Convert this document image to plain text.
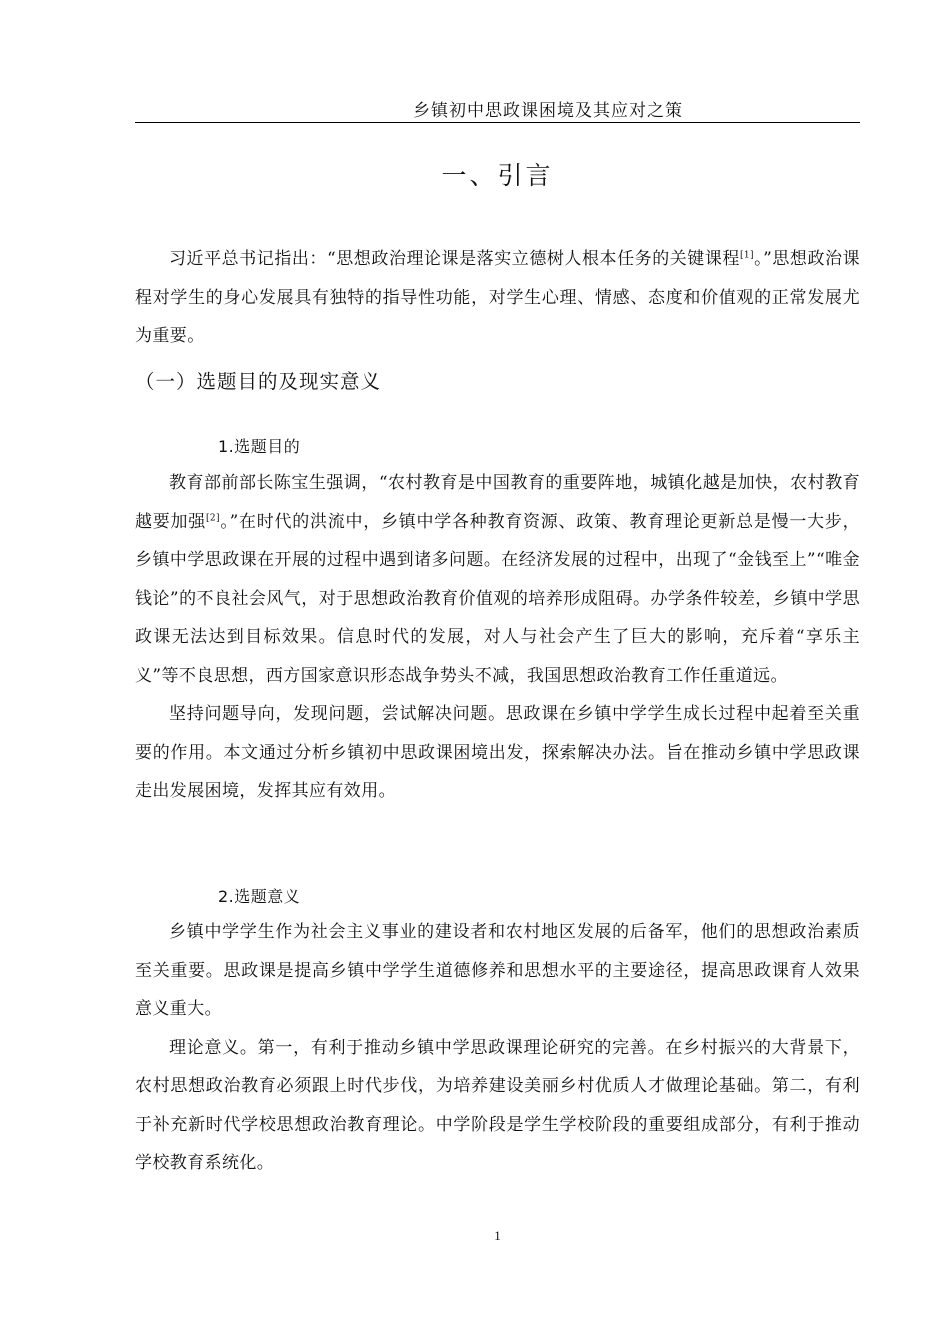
乡镇初中思政课困境及其应对之策
一、引言

习近平总书记指出：“思想政治理论课是落实立德树人根本任务的关键课程[1]。”思想政治课程对学生的身心发展具有独特的指导性功能，对学生心理、情感、态度和价值观的正常发展尤为重要。

（一）选题目的及现实意义
1.选题目的

教育部前部长陈宝生强调，“农村教育是中国教育的重要阵地，城镇化越是加快，农村教育越要加强[2]。”在时代的洪流中，乡镇中学各种教育资源、政策、教育理论更新总是慢一大步，乡镇中学思政课在开展的过程中遇到诸多问题。在经济发展的过程中，出现了“金钱至上”“唯金钱论”的不良社会风气，对于思想政治教育价值观的培养形成阻碍。办学条件较差，乡镇中学思政课无法达到目标效果。信息时代的发展，对人与社会产生了巨大的影响，充斥着“享乐主义”等不良思想，西方国家意识形态战争势头不减，我国思想政治教育工作任重道远。

坚持问题导向，发现问题，尝试解决问题。思政课在乡镇中学学生成长过程中起着至关重要的作用。本文通过分析乡镇初中思政课困境出发，探索解决办法。旨在推动乡镇中学思政课走出发展困境，发挥其应有效用。

2.选题意义

乡镇中学学生作为社会主义事业的建设者和农村地区发展的后备军，他们的思想政治素质至关重要。思政课是提高乡镇中学学生道德修养和思想水平的主要途径，提高思政课育人效果意义重大。

理论意义。第一，有利于推动乡镇中学思政课理论研究的完善。在乡村振兴的大背景下，农村思想政治教育必须跟上时代步伐，为培养建设美丽乡村优质人才做理论基础。第二，有利于补充新时代学校思想政治教育理论。中学阶段是学生学校阶段的重要组成部分，有利于推动学校教育系统化。

1
